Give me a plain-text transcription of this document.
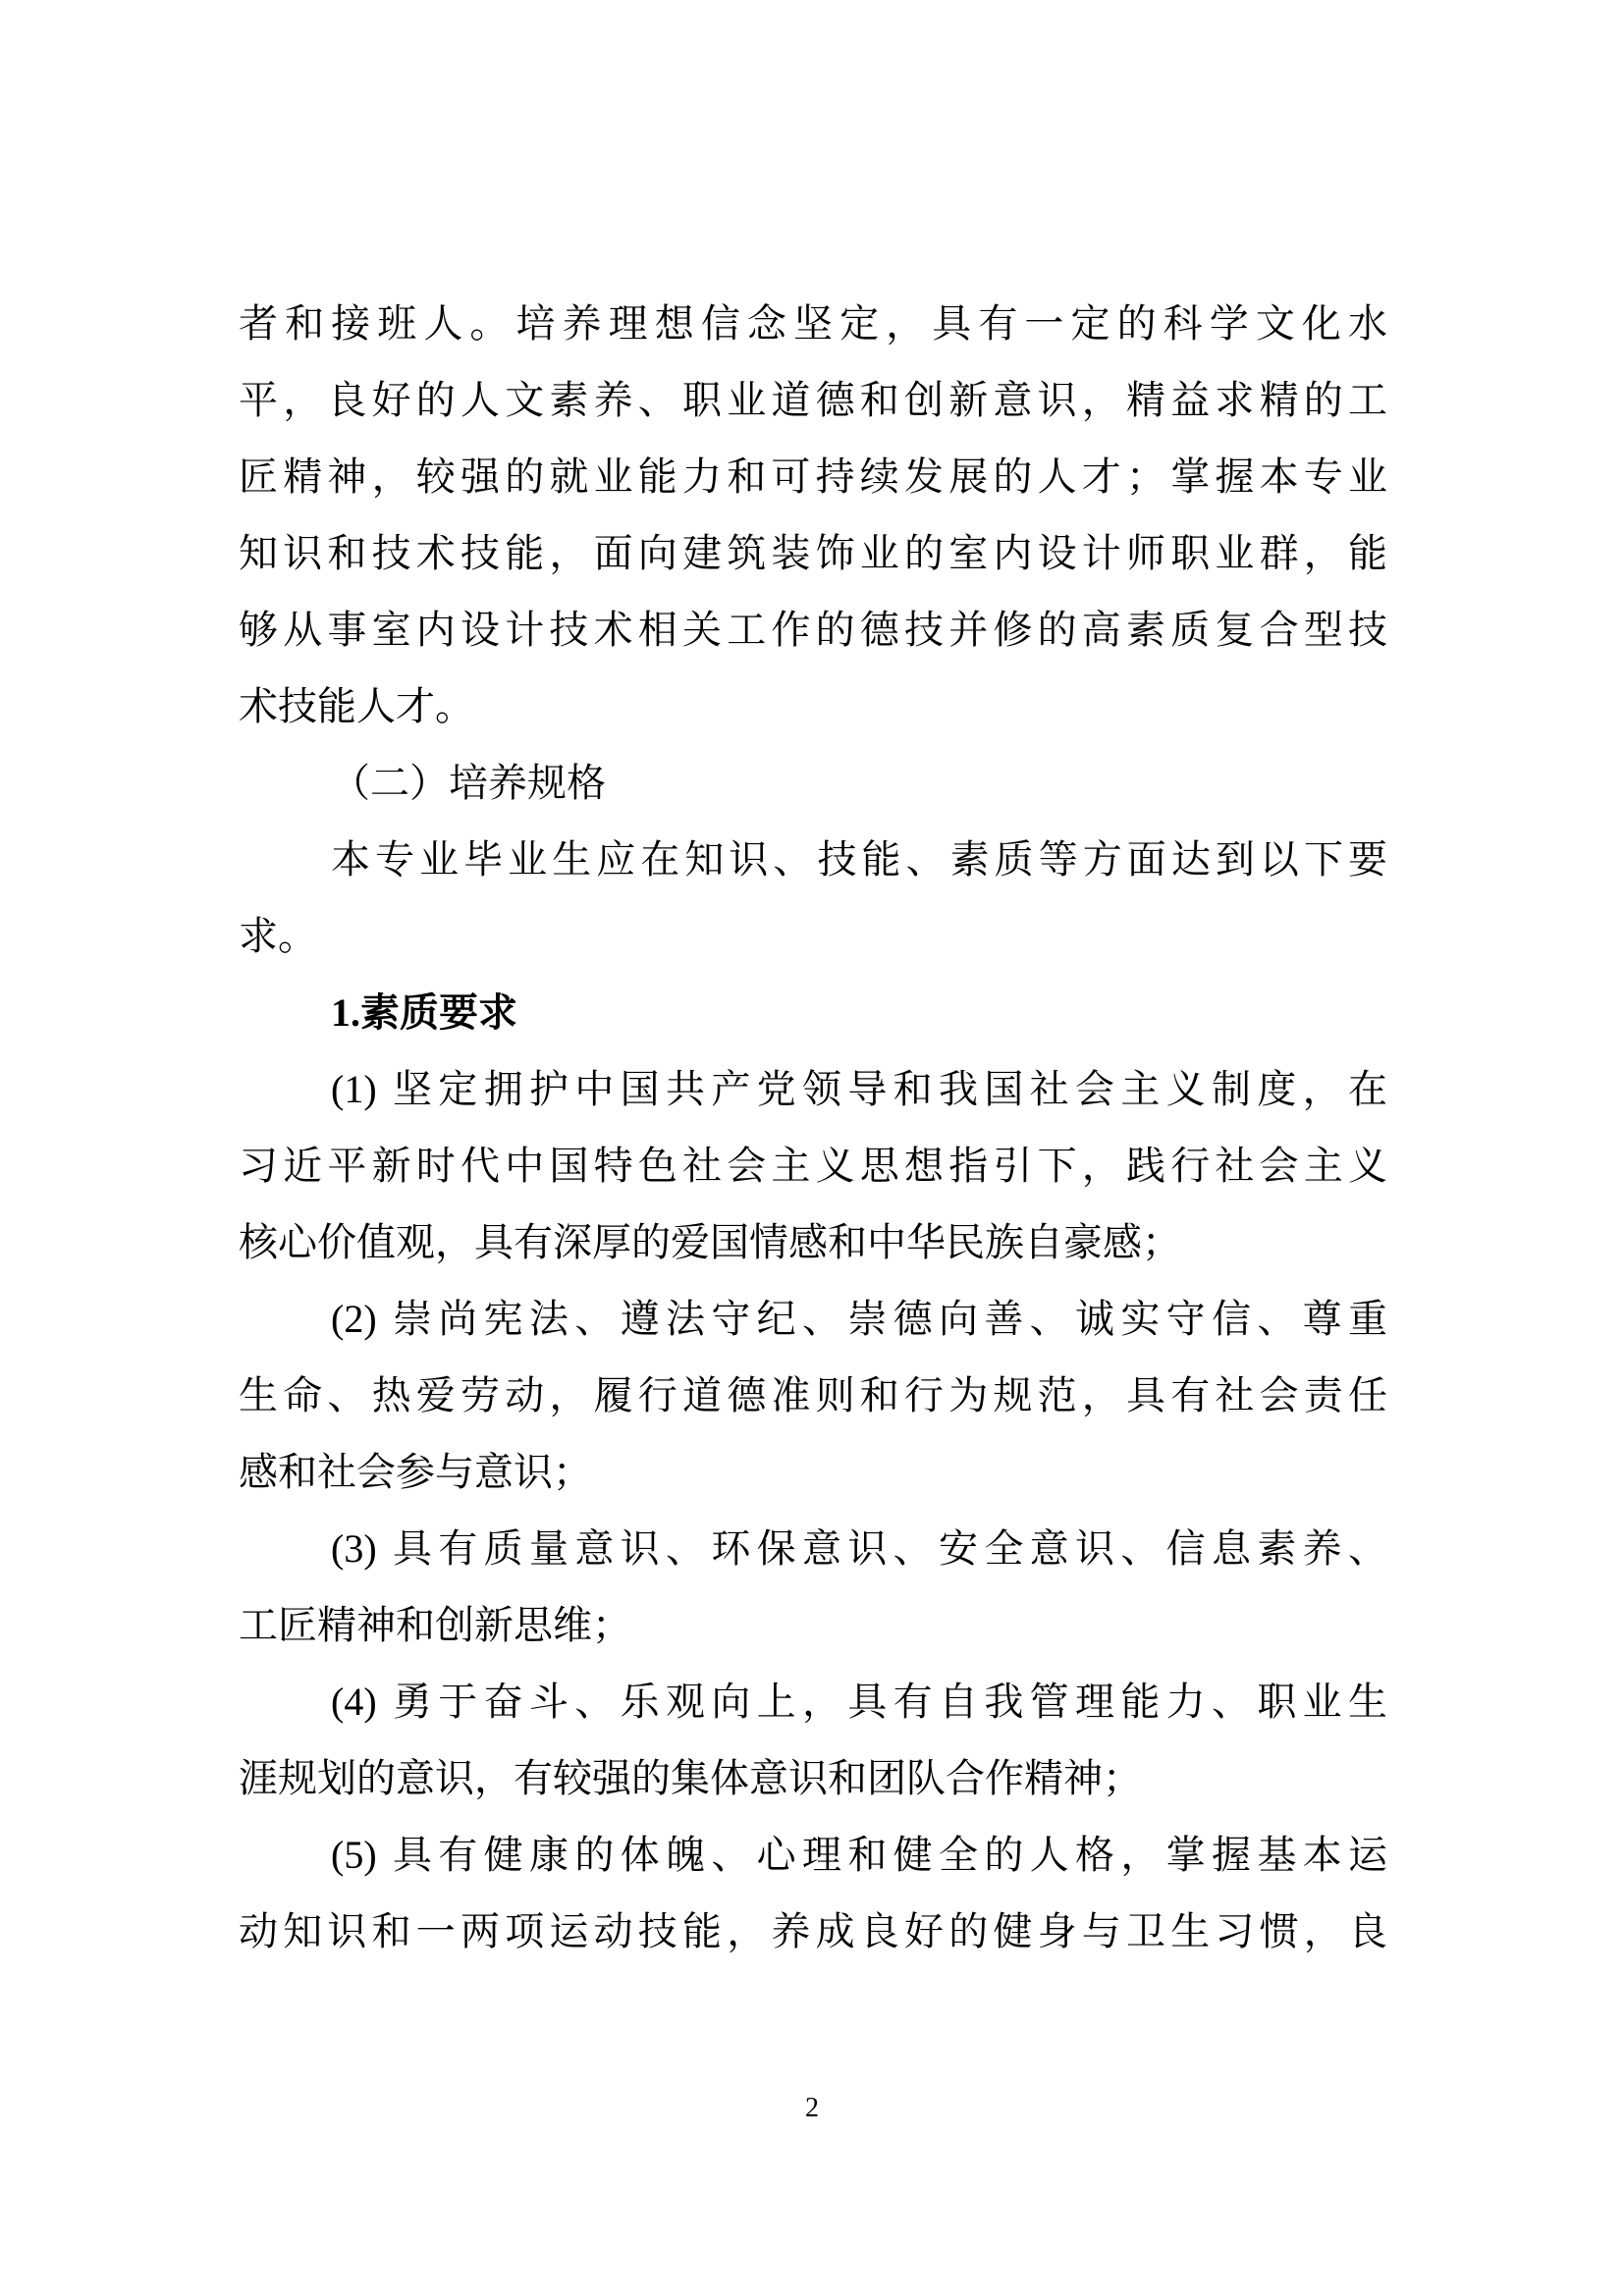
者和接班人。培养理想信念坚定，具有一定的科学文化水
平，良好的人文素养、职业道德和创新意识，精益求精的工
匠精神，较强的就业能力和可持续发展的人才；掌握本专业
知识和技术技能，面向建筑装饰业的室内设计师职业群，能
够从事室内设计技术相关工作的德技并修的高素质复合型技
术技能人才。
（二）培养规格
本专业毕业生应在知识、技能、素质等方面达到以下要
求。
1.素质要求
(1) 坚定拥护中国共产党领导和我国社会主义制度，在
习近平新时代中国特色社会主义思想指引下，践行社会主义
核心价值观，具有深厚的爱国情感和中华民族自豪感；
(2) 崇尚宪法、遵法守纪、崇德向善、诚实守信、尊重
生命、热爱劳动，履行道德准则和行为规范，具有社会责任
感和社会参与意识；
(3) 具有质量意识、环保意识、安全意识、信息素养、
工匠精神和创新思维；
(4) 勇于奋斗、乐观向上，具有自我管理能力、职业生
涯规划的意识，有较强的集体意识和团队合作精神；
(5) 具有健康的体魄、心理和健全的人格，掌握基本运
动知识和一两项运动技能，养成良好的健身与卫生习惯，良
2
